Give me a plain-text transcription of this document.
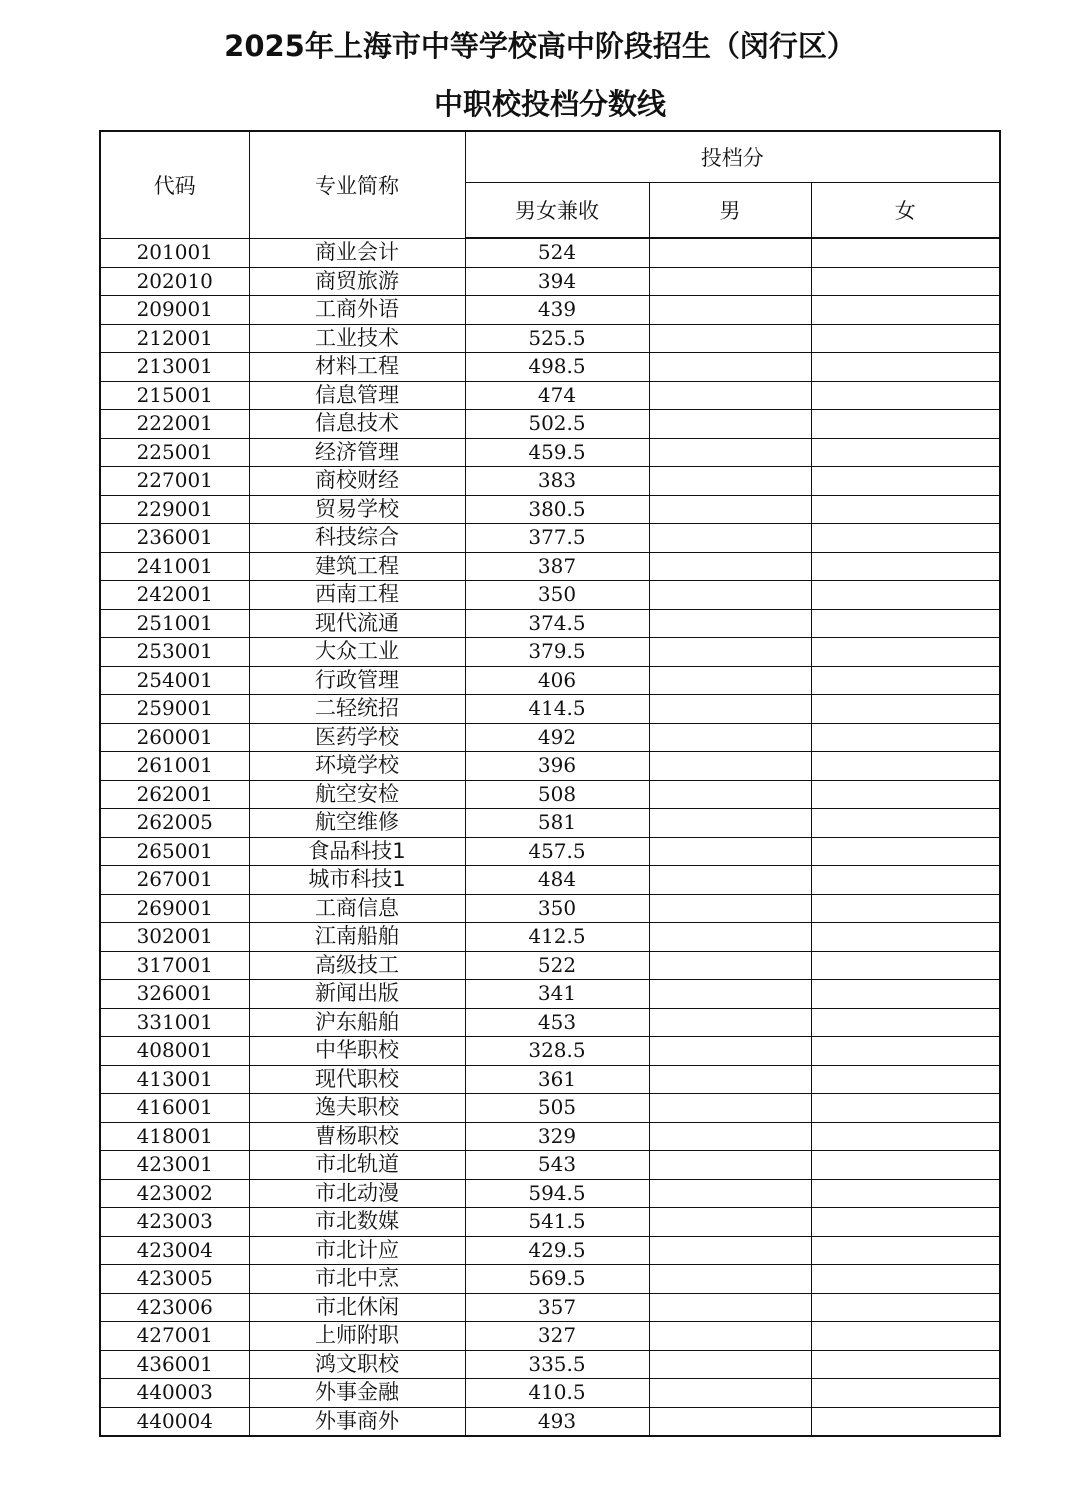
2025年上海市中等学校高中阶段招生（闵行区）
中职校投档分数线
代码	专业简称	投档分		
		男女兼收	男	女
201001	商业会计	524		
202010	商贸旅游	394		
209001	工商外语	439		
212001	工业技术	525.5		
213001	材料工程	498.5		
215001	信息管理	474		
222001	信息技术	502.5		
225001	经济管理	459.5		
227001	商校财经	383		
229001	贸易学校	380.5		
236001	科技综合	377.5		
241001	建筑工程	387		
242001	西南工程	350		
251001	现代流通	374.5		
253001	大众工业	379.5		
254001	行政管理	406		
259001	二轻统招	414.5		
260001	医药学校	492		
261001	环境学校	396		
262001	航空安检	508		
262005	航空维修	581		
265001	食品科技1	457.5		
267001	城市科技1	484		
269001	工商信息	350		
302001	江南船舶	412.5		
317001	高级技工	522		
326001	新闻出版	341		
331001	沪东船舶	453		
408001	中华职校	328.5		
413001	现代职校	361		
416001	逸夫职校	505		
418001	曹杨职校	329		
423001	市北轨道	543		
423002	市北动漫	594.5		
423003	市北数媒	541.5		
423004	市北计应	429.5		
423005	市北中烹	569.5		
423006	市北休闲	357		
427001	上师附职	327		
436001	鸿文职校	335.5		
440003	外事金融	410.5		
440004	外事商外	493		
